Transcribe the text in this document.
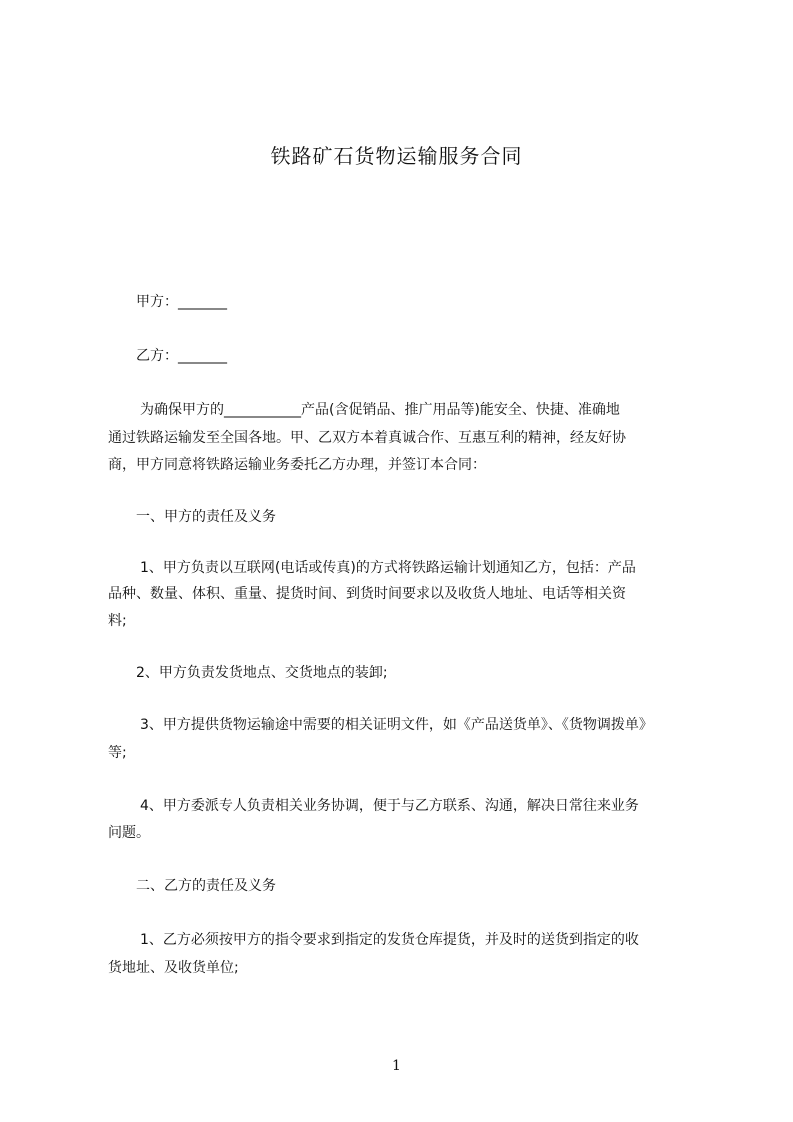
铁路矿石货物运输服务合同
甲方：_______
乙方：_______
为确保甲方的___________产品(含促销品、推广用品等)能安全、快捷、准确地
通过铁路运输发至全国各地。甲、乙双方本着真诚合作、互惠互利的精神，经友好协
商，甲方同意将铁路运输业务委托乙方办理，并签订本合同：
一、甲方的责任及义务
1、甲方负责以互联网(电话或传真)的方式将铁路运输计划通知乙方，包括：产品
品种、数量、体积、重量、提货时间、到货时间要求以及收货人地址、电话等相关资
料;
2、甲方负责发货地点、交货地点的装卸;
3、甲方提供货物运输途中需要的相关证明文件，如《产品送货单》、《货物调拨单》
等;
4、甲方委派专人负责相关业务协调，便于与乙方联系、沟通，解决日常往来业务
问题。
二、乙方的责任及义务
1、乙方必须按甲方的指令要求到指定的发货仓库提货，并及时的送货到指定的收
货地址、及收货单位;
1
